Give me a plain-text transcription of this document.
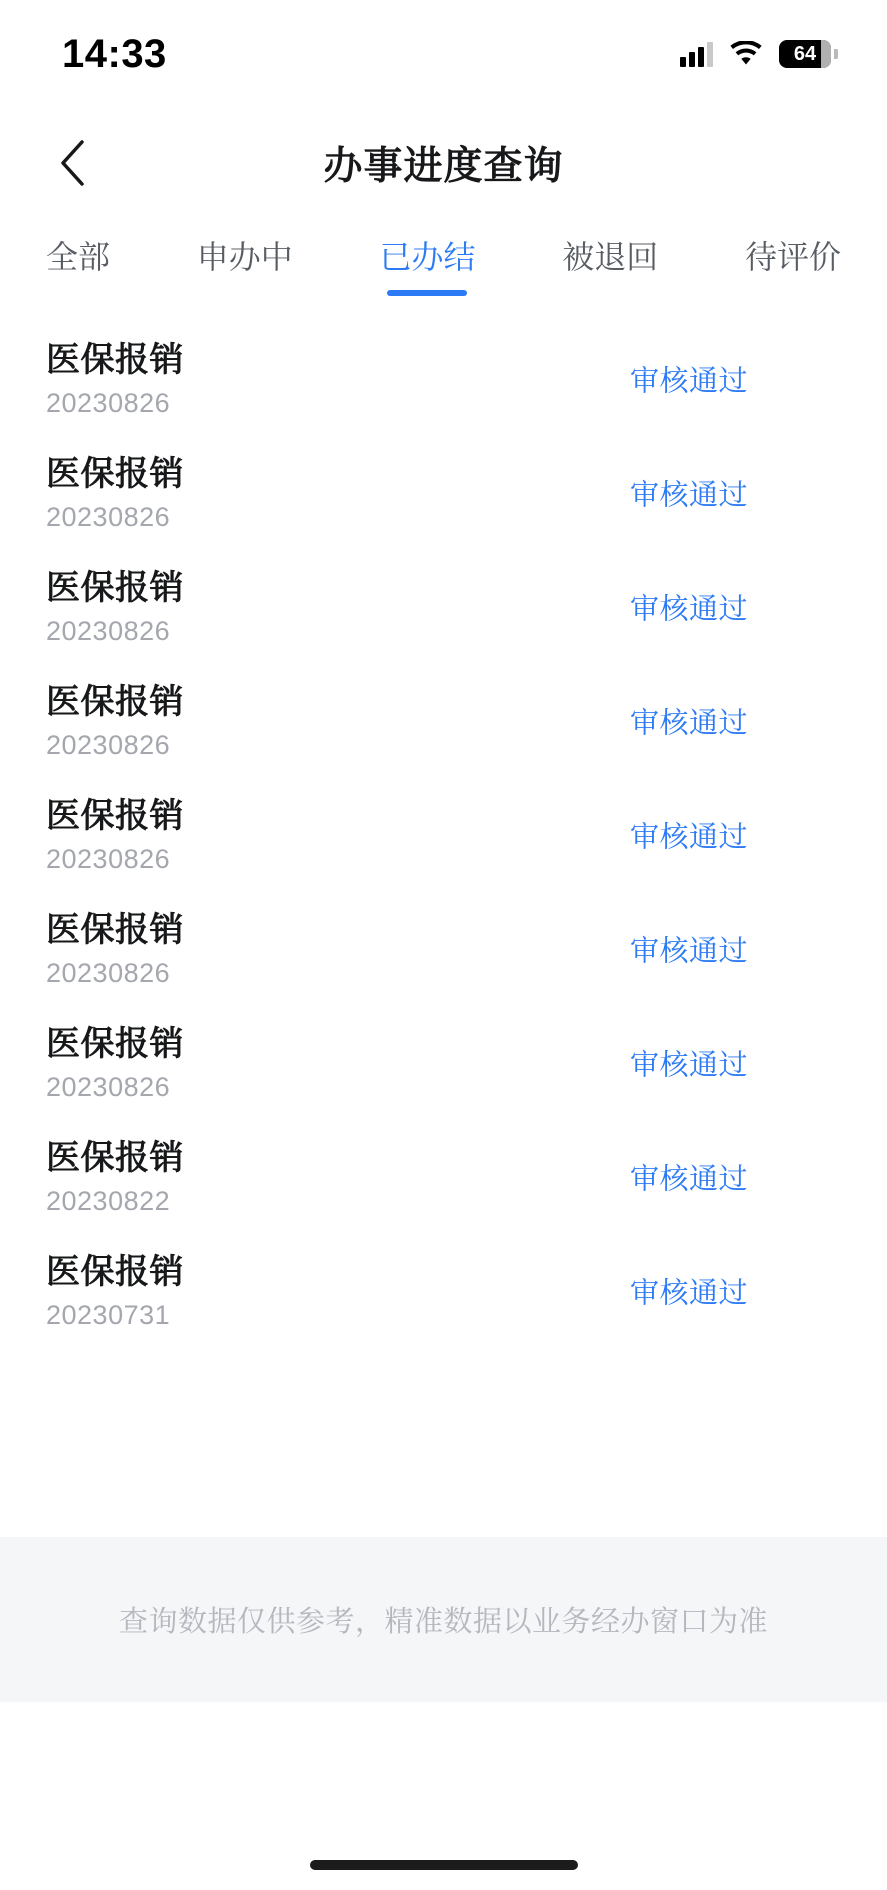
14:33	64
办事进度查询
全部	申办中	已办结	被退回	待评价
医保报销
20230826
审核通过
医保报销
20230826
审核通过
医保报销
20230826
审核通过
医保报销
20230826
审核通过
医保报销
20230826
审核通过
医保报销
20230826
审核通过
医保报销
20230826
审核通过
医保报销
20230822
审核通过
医保报销
20230731
审核通过
查询数据仅供参考，精准数据以业务经办窗口为准
